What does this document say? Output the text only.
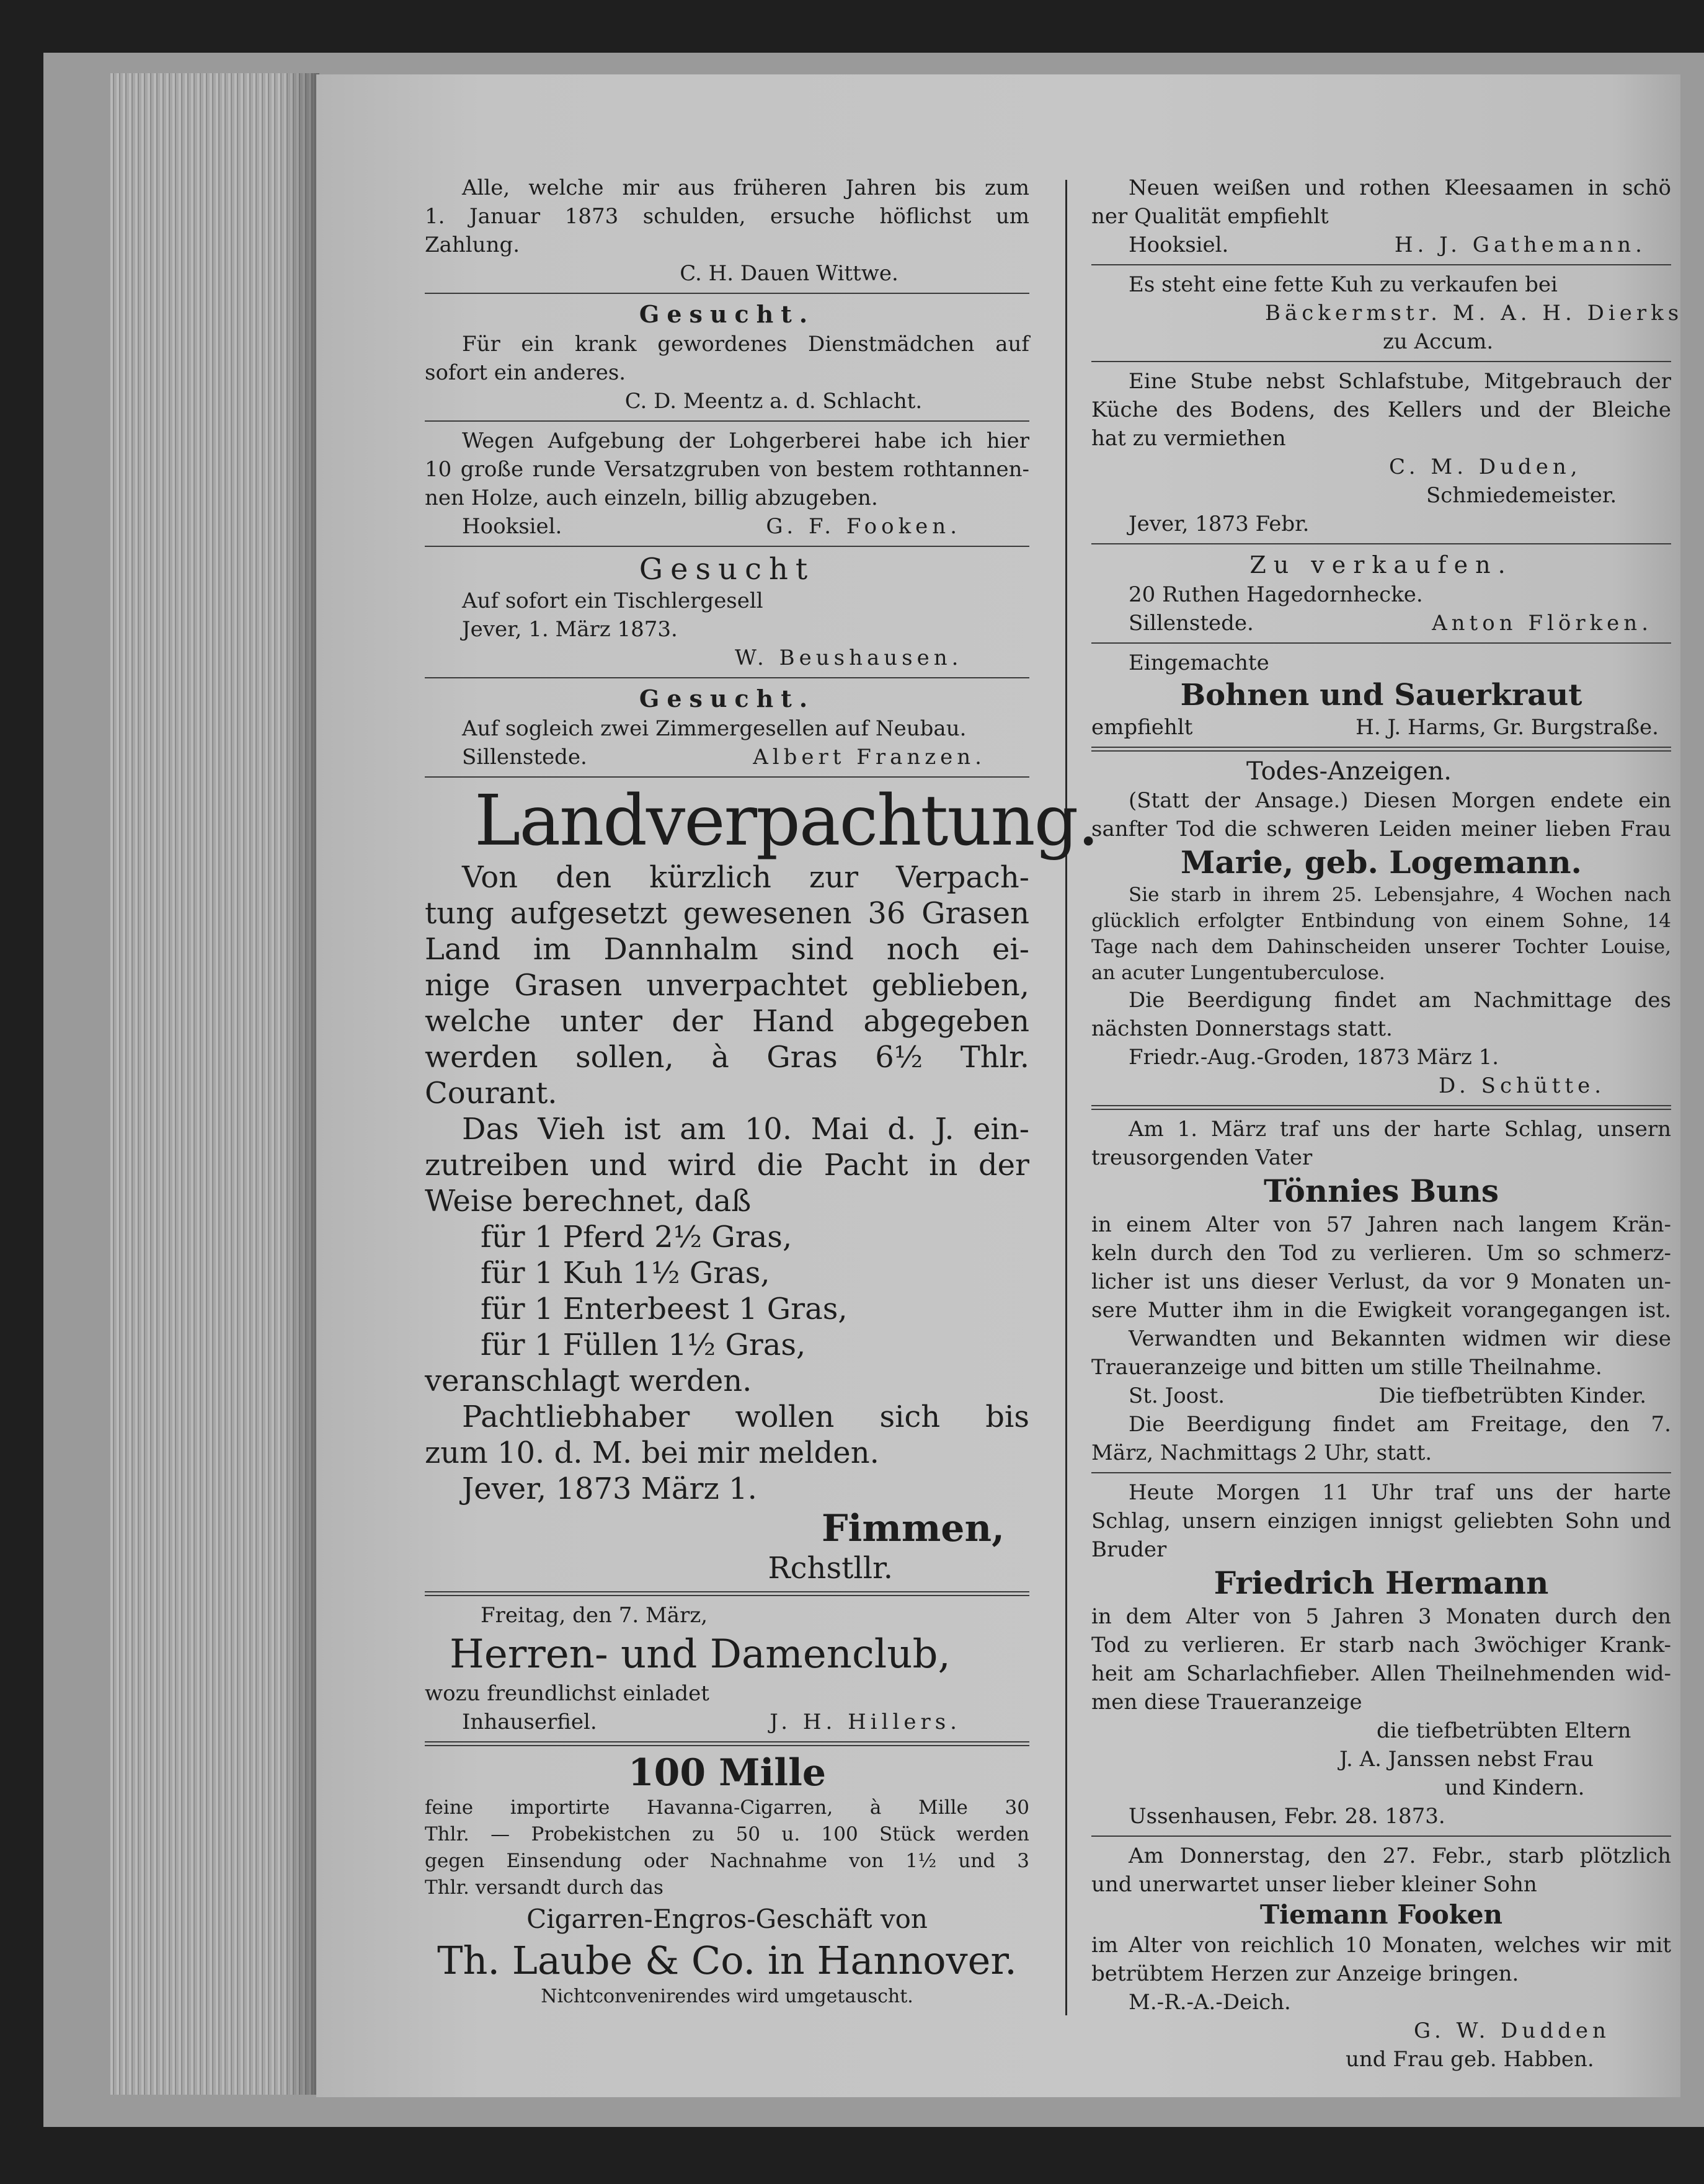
Alle, welche mir aus früheren Jahren bis zum

1. Januar 1873 schulden, ersuche höflichst um

Zahlung.

C. H. Dauen Wittwe.

Gesucht.

Für ein krank gewordenes Dienstmädchen auf

sofort ein anderes.

C. D. Meentz a. d. Schlacht.

Wegen Aufgebung der Lohgerberei habe ich hier

10 große runde Versatzgruben von bestem rothtannen-

nen Holze, auch einzeln, billig abzugeben.

Hooksiel.	G. F. Fooken.

Gesucht

Auf sofort ein Tischlergesell

Jever, 1. März 1873.

W. Beushausen.

Gesucht.

Auf sogleich zwei Zimmergesellen auf Neubau.

Sillenstede.	Albert Franzen.

Landverpachtung.

Von den kürzlich zur Verpach-

tung aufgesetzt gewesenen 36 Grasen

Land im Dannhalm sind noch ei-

nige Grasen unverpachtet geblieben,

welche unter der Hand abgegeben

werden sollen, à Gras 6½ Thlr.

Courant.

Das Vieh ist am 10. Mai d. J. ein-

zutreiben und wird die Pacht in der

Weise berechnet, daß

für 1 Pferd 2½ Gras,

für 1 Kuh 1½ Gras,

für 1 Enterbeest 1 Gras,

für 1 Füllen 1½ Gras,

veranschlagt werden.

Pachtliebhaber wollen sich bis

zum 10. d. M. bei mir melden.

Jever, 1873 März 1.

Fimmen,

Rchstllr.

Freitag, den 7. März,

Herren- und Damenclub,

wozu freundlichst einladet

Inhauserfiel.	J. H. Hillers.

100 Mille

feine importirte Havanna-Cigarren, à Mille 30

Thlr. — Probekistchen zu 50 u. 100 Stück werden

gegen Einsendung oder Nachnahme von 1½ und 3

Thlr. versandt durch das

Cigarren-Engros-Geschäft von

Th. Laube & Co. in Hannover.

Nichtconvenirendes wird umgetauscht.

Neuen weißen und rothen Kleesaamen in schö

ner Qualität empfiehlt

Hooksiel.	H. J. Gathemann.

Es steht eine fette Kuh zu verkaufen bei

Bäckermstr. M. A. H. Dierks

zu Accum.

Eine Stube nebst Schlafstube, Mitgebrauch der

Küche des Bodens, des Kellers und der Bleiche

hat zu vermiethen

C. M. Duden,

Schmiedemeister.

Jever, 1873 Febr.

Zu verkaufen.

20 Ruthen Hagedornhecke.

Sillenstede.	Anton Flörken.

Eingemachte

Bohnen und Sauerkraut

empfiehlt	H. J. Harms, Gr. Burgstraße.

Todes-Anzeigen.

(Statt der Ansage.) Diesen Morgen endete ein

sanfter Tod die schweren Leiden meiner lieben Frau

Marie, geb. Logemann.

Sie starb in ihrem 25. Lebensjahre, 4 Wochen nach

glücklich erfolgter Entbindung von einem Sohne, 14

Tage nach dem Dahinscheiden unserer Tochter Louise,

an acuter Lungentuberculose.

Die Beerdigung findet am Nachmittage des

nächsten Donnerstags statt.

Friedr.-Aug.-Groden, 1873 März 1.

D. Schütte.

Am 1. März traf uns der harte Schlag, unsern

treusorgenden Vater

Tönnies Buns

in einem Alter von 57 Jahren nach langem Krän-

keln durch den Tod zu verlieren. Um so schmerz-

licher ist uns dieser Verlust, da vor 9 Monaten un-

sere Mutter ihm in die Ewigkeit vorangegangen ist.

Verwandten und Bekannten widmen wir diese

Traueranzeige und bitten um stille Theilnahme.

St. Joost.	Die tiefbetrübten Kinder.

Die Beerdigung findet am Freitage, den 7.

März, Nachmittags 2 Uhr, statt.

Heute Morgen 11 Uhr traf uns der harte

Schlag, unsern einzigen innigst geliebten Sohn und

Bruder

Friedrich Hermann

in dem Alter von 5 Jahren 3 Monaten durch den

Tod zu verlieren. Er starb nach 3wöchiger Krank-

heit am Scharlachfieber. Allen Theilnehmenden wid-

men diese Traueranzeige

die tiefbetrübten Eltern

J. A. Janssen nebst Frau

und Kindern.

Ussenhausen, Febr. 28. 1873.

Am Donnerstag, den 27. Febr., starb plötzlich

und unerwartet unser lieber kleiner Sohn

Tiemann Fooken

im Alter von reichlich 10 Monaten, welches wir mit

betrübtem Herzen zur Anzeige bringen.

M.-R.-A.-Deich.

G. W. Dudden

und Frau geb. Habben.
